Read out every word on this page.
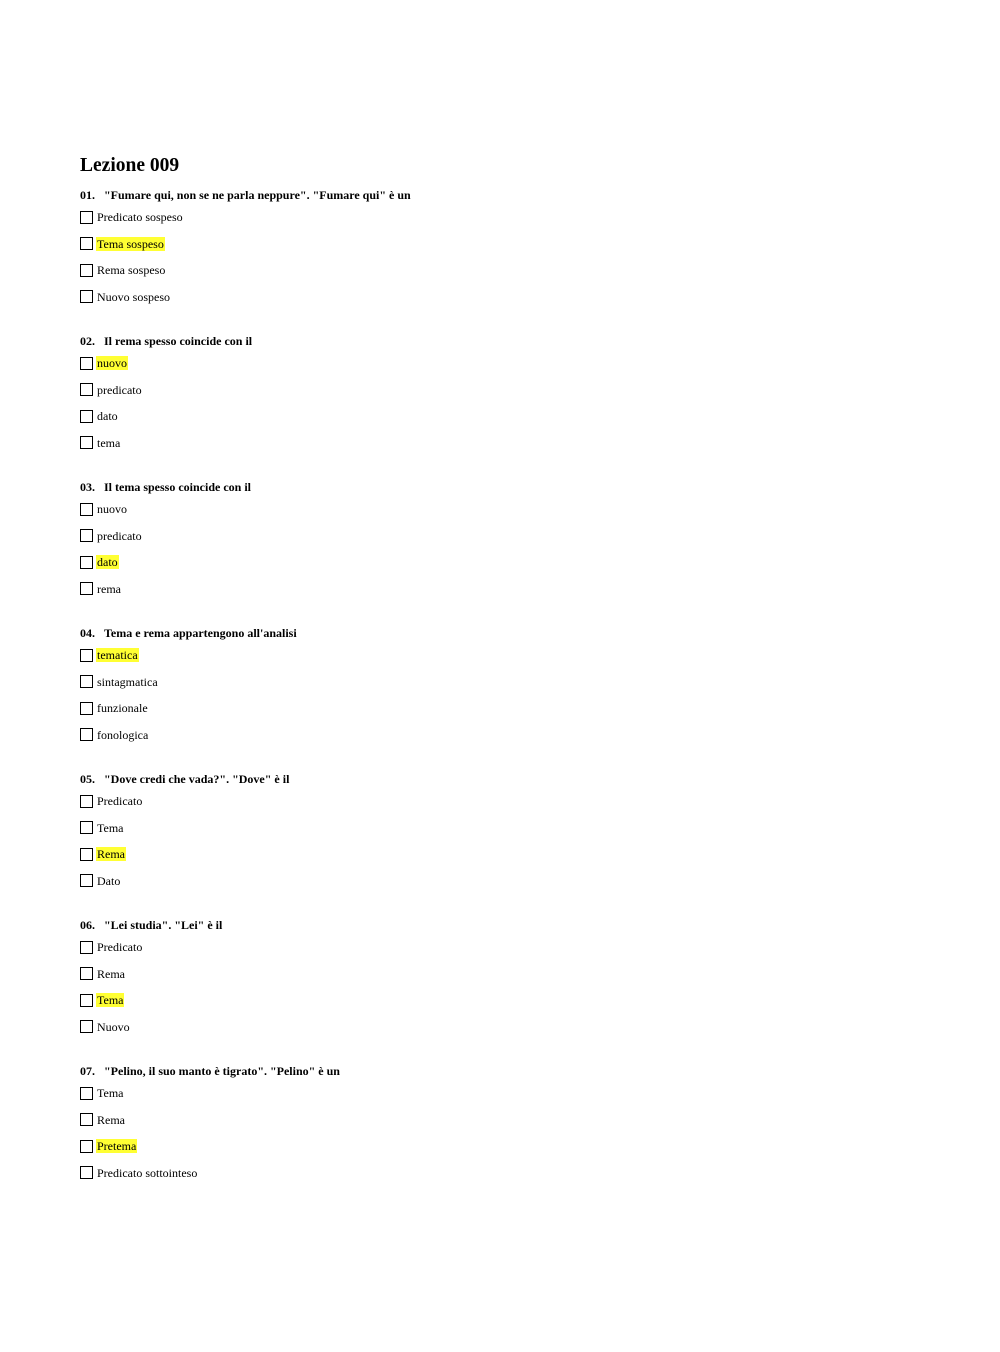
Lezione 009
01. "Fumare qui, non se ne parla neppure". "Fumare qui" è un
Predicato sospeso
Tema sospeso
Rema sospeso
Nuovo sospeso
02. Il rema spesso coincide con il
nuovo
predicato
dato
tema
03. Il tema spesso coincide con il
nuovo
predicato
dato
rema
04. Tema e rema appartengono all'analisi
tematica
sintagmatica
funzionale
fonologica
05. "Dove credi che vada?". "Dove" è il
Predicato
Tema
Rema
Dato
06. "Lei studia". "Lei" è il
Predicato
Rema
Tema
Nuovo
07. "Pelino, il suo manto è tigrato". "Pelino" è un
Tema
Rema
Pretema
Predicato sottointeso
